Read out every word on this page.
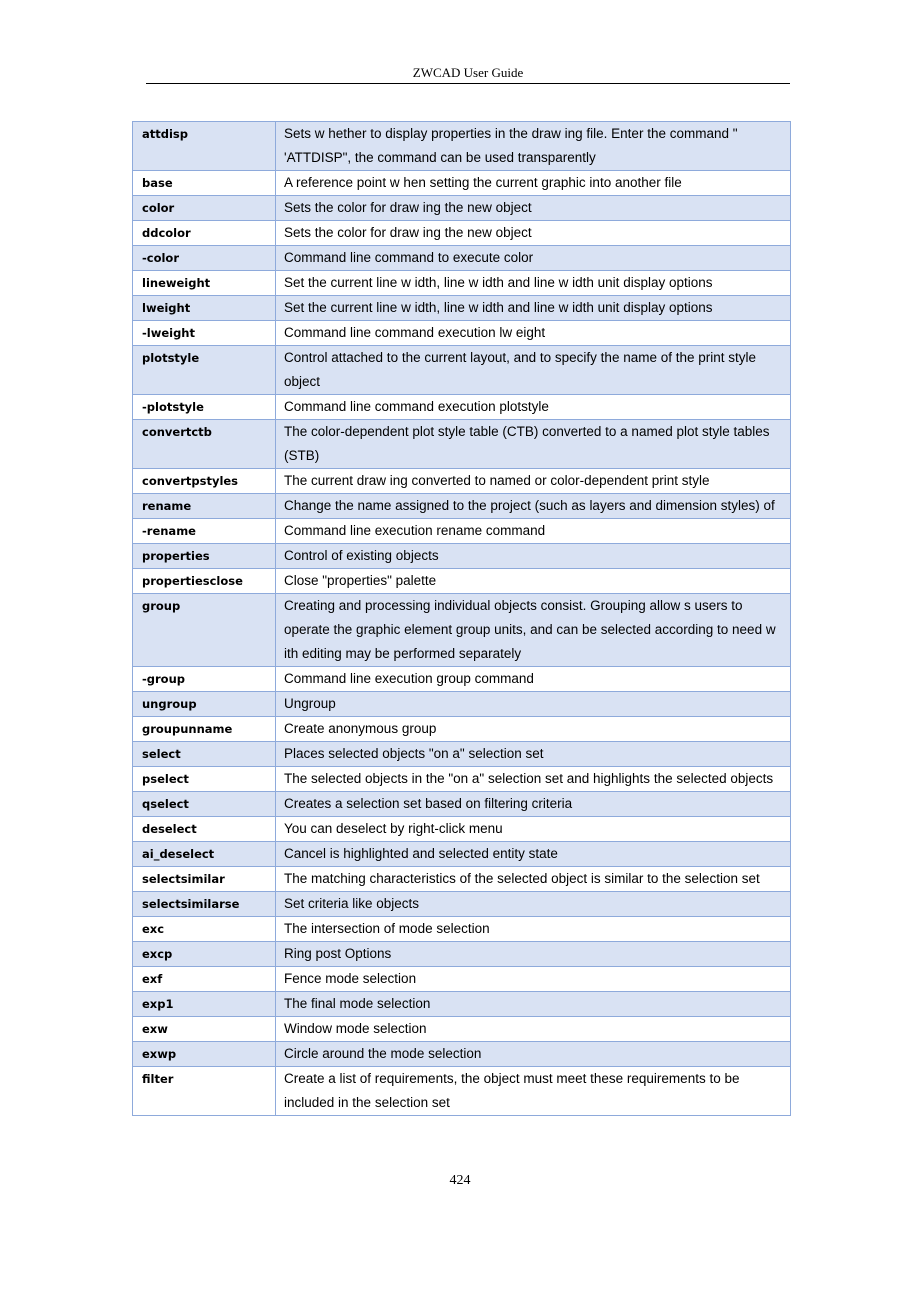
ZWCAD User Guide
attdisp	Sets w hether to display properties in the draw ing file. Enter the command " 'ATTDISP", the command can be used transparently
base	A reference point w hen setting the current graphic into another file
color	Sets the color for draw ing the new object
ddcolor	Sets the color for draw ing the new object
-color	Command line command to execute color
lineweight	Set the current line w idth, line w idth and line w idth unit display options
lweight	Set the current line w idth, line w idth and line w idth unit display options
-lweight	Command line command execution lw eight
plotstyle	Control attached to the current layout, and to specify the name of the print style object
-plotstyle	Command line command execution plotstyle
convertctb	The color-dependent plot style table (CTB) converted to a named plot style tables (STB)
convertpstyles	The current draw ing converted to named or color-dependent print style
rename	Change the name assigned to the project (such as layers and dimension styles) of
-rename	Command line execution rename command
properties	Control of existing objects
propertiesclose	Close "properties" palette
group	Creating and processing individual objects consist. Grouping allow s users to operate the graphic element group units, and can be selected according to need w ith editing may be performed separately
-group	Command line execution group command
ungroup	Ungroup
groupunname	Create anonymous group
select	Places selected objects "on a" selection set
pselect	The selected objects in the "on a" selection set and highlights the selected objects
qselect	Creates a selection set based on filtering criteria
deselect	You can deselect by right-click menu
ai_deselect	Cancel is highlighted and selected entity state
selectsimilar	The matching characteristics of the selected object is similar to the selection set
selectsimilarse	Set criteria like objects
exc	The intersection of mode selection
excp	Ring post Options
exf	Fence mode selection
exp1	The final mode selection
exw	Window mode selection
exwp	Circle around the mode selection
filter	Create a list of requirements, the object must meet these requirements to be included in the selection set
424
